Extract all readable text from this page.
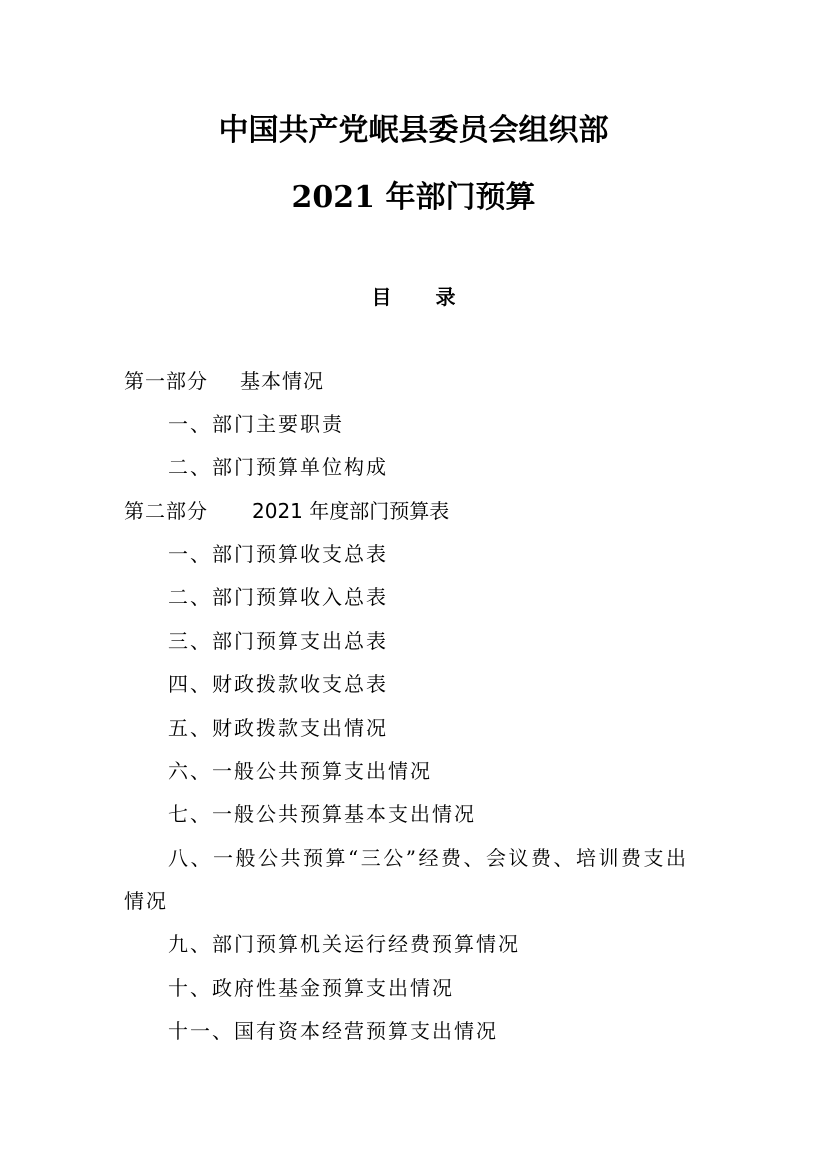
中国共产党岷县委员会组织部
2021 年部门预算
目 录
第一部分 基本情况
一、部门主要职责
二、部门预算单位构成
第二部分 2021 年度部门预算表
一、部门预算收支总表
二、部门预算收入总表
三、部门预算支出总表
四、财政拨款收支总表
五、财政拨款支出情况
六、一般公共预算支出情况
七、一般公共预算基本支出情况
八、一般公共预算“三公”经费、会议费、培训费支出
情况
九、部门预算机关运行经费预算情况
十、政府性基金预算支出情况
十一、国有资本经营预算支出情况
